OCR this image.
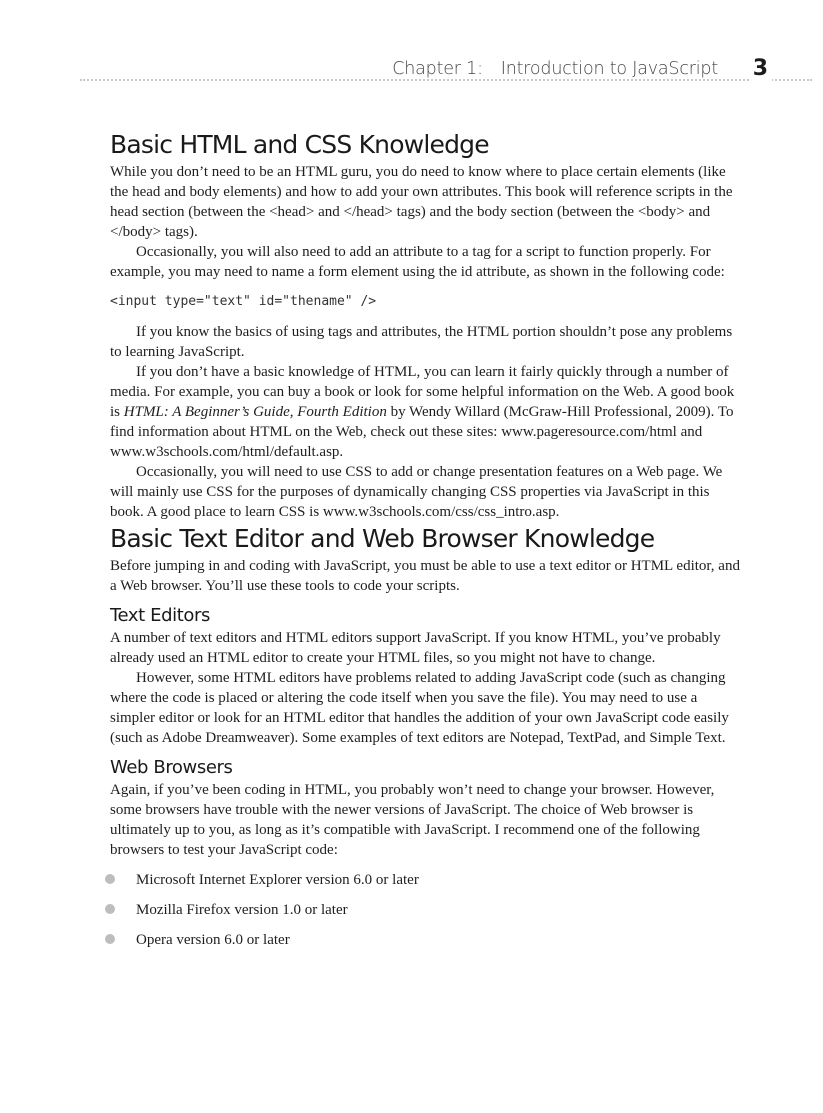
Chapter 1: Introduction to JavaScript 3
Basic HTML and CSS Knowledge

While you don’t need to be an HTML guru, you do need to know where to place certain elements (like the head and body elements) and how to add your own attributes. This book will reference scripts in the head section (between the <head> and </head> tags) and the body section (between the <body> and </body> tags).

Occasionally, you will also need to add an attribute to a tag for a script to function properly. For example, you may need to name a form element using the id attribute, as shown in the following code:

<input type="text" id="thename" />

If you know the basics of using tags and attributes, the HTML portion shouldn’t pose any problems to learning JavaScript.

If you don’t have a basic knowledge of HTML, you can learn it fairly quickly through a number of media. For example, you can buy a book or look for some helpful information on the Web. A good book is HTML: A Beginner’s Guide, Fourth Edition by Wendy Willard (McGraw-Hill Professional, 2009). To find information about HTML on the Web, check out these sites: www.pageresource.com/html and www.w3schools.com/html/default.asp.

Occasionally, you will need to use CSS to add or change presentation features on a Web page. We will mainly use CSS for the purposes of dynamically changing CSS properties via JavaScript in this book. A good place to learn CSS is www.w3schools.com/css/css_intro.asp.

Basic Text Editor and Web Browser Knowledge

Before jumping in and coding with JavaScript, you must be able to use a text editor or HTML editor, and a Web browser. You’ll use these tools to code your scripts.

Text Editors

A number of text editors and HTML editors support JavaScript. If you know HTML, you’ve probably already used an HTML editor to create your HTML files, so you might not have to change.

However, some HTML editors have problems related to adding JavaScript code (such as changing where the code is placed or altering the code itself when you save the file). You may need to use a simpler editor or look for an HTML editor that handles the addition of your own JavaScript code easily (such as Adobe Dreamweaver). Some examples of text editors are Notepad, TextPad, and Simple Text.

Web Browsers

Again, if you’ve been coding in HTML, you probably won’t need to change your browser. However, some browsers have trouble with the newer versions of JavaScript. The choice of Web browser is ultimately up to you, as long as it’s compatible with JavaScript. I recommend one of the following browsers to test your JavaScript code:

Microsoft Internet Explorer version 6.0 or later
Mozilla Firefox version 1.0 or later
Opera version 6.0 or later
